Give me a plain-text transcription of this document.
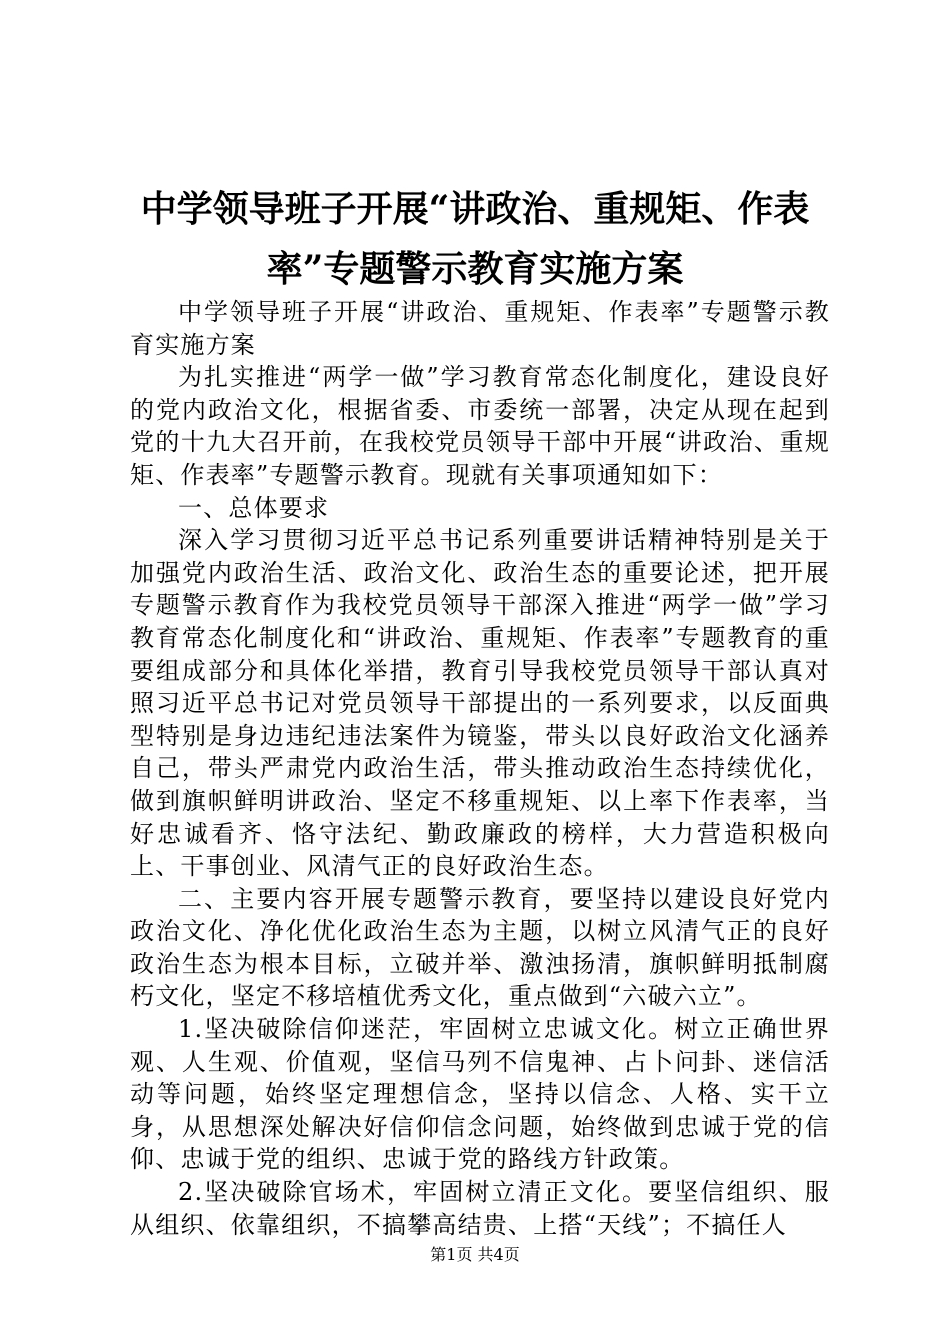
中学领导班子开展“讲政治、重规矩、作表
率”专题警示教育实施方案

中学领导班子开展“讲政治、重规矩、作表率”专题警示教育实施方案

为扎实推进“两学一做”学习教育常态化制度化，建设良好的党内政治文化，根据省委、市委统一部署，决定从现在起到党的十九大召开前，在我校党员领导干部中开展“讲政治、重规矩、作表率”专题警示教育。现就有关事项通知如下：

一、总体要求

深入学习贯彻习近平总书记系列重要讲话精神特别是关于加强党内政治生活、政治文化、政治生态的重要论述，把开展专题警示教育作为我校党员领导干部深入推进“两学一做”学习教育常态化制度化和“讲政治、重规矩、作表率”专题教育的重要组成部分和具体化举措，教育引导我校党员领导干部认真对照习近平总书记对党员领导干部提出的一系列要求，以反面典型特别是身边违纪违法案件为镜鉴，带头以良好政治文化涵养自己，带头严肃党内政治生活，带头推动政治生态持续优化，做到旗帜鲜明讲政治、坚定不移重规矩、以上率下作表率，当好忠诚看齐、恪守法纪、勤政廉政的榜样，大力营造积极向上、干事创业、风清气正的良好政治生态。

二、主要内容开展专题警示教育，要坚持以建设良好党内政治文化、净化优化政治生态为主题，以树立风清气正的良好政治生态为根本目标，立破并举、激浊扬清，旗帜鲜明抵制腐朽文化，坚定不移培植优秀文化，重点做到“六破六立”。

1.坚决破除信仰迷茫，牢固树立忠诚文化。树立正确世界观、人生观、价值观，坚信马列不信鬼神、占卜问卦、迷信活动等问题，始终坚定理想信念，坚持以信念、人格、实干立身，从思想深处解决好信仰信念问题，始终做到忠诚于党的信仰、忠诚于党的组织、忠诚于党的路线方针政策。

2.坚决破除官场术，牢固树立清正文化。要坚信组织、服从组织、依靠组织，不搞攀高结贵、上搭“天线”；不搞任人

第1页 共4页
